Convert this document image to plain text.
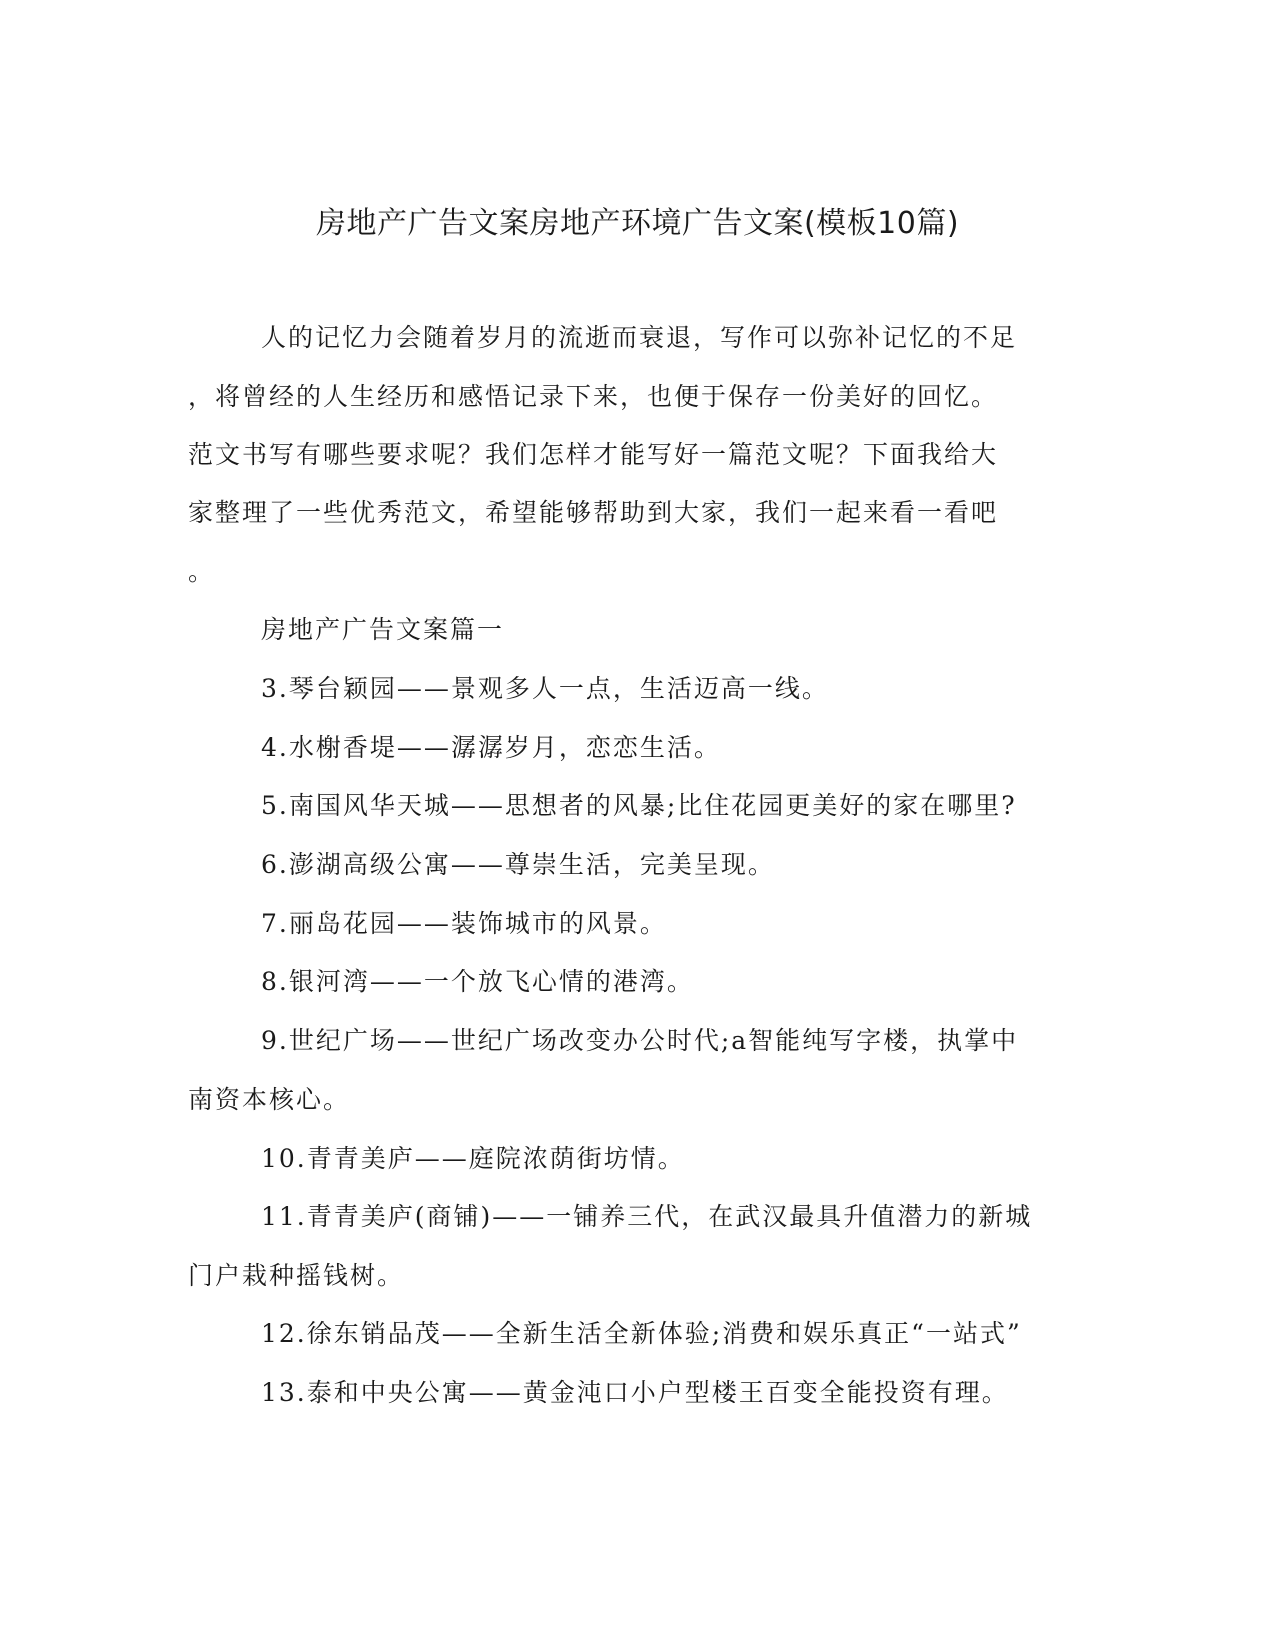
房地产广告文案房地产环境广告文案(模板10篇)
人的记忆力会随着岁月的流逝而衰退，写作可以弥补记忆的不足
，将曾经的人生经历和感悟记录下来，也便于保存一份美好的回忆。
范文书写有哪些要求呢？我们怎样才能写好一篇范文呢？下面我给大
家整理了一些优秀范文，希望能够帮助到大家，我们一起来看一看吧
。
房地产广告文案篇一
3.琴台颖园——景观多人一点，生活迈高一线。
4.水榭香堤——潺潺岁月，恋恋生活。
5.南国风华天城——思想者的风暴;比住花园更美好的家在哪里?
6.澎湖高级公寓——尊崇生活，完美呈现。
7.丽岛花园——装饰城市的风景。
8.银河湾——一个放飞心情的港湾。
9.世纪广场——世纪广场改变办公时代;a智能纯写字楼，执掌中
南资本核心。
10.青青美庐——庭院浓荫街坊情。
11.青青美庐(商铺)——一铺养三代，在武汉最具升值潜力的新城
门户栽种摇钱树。
12.徐东销品茂——全新生活全新体验;消费和娱乐真正“一站式”
13.泰和中央公寓——黄金沌口小户型楼王百变全能投资有理。
